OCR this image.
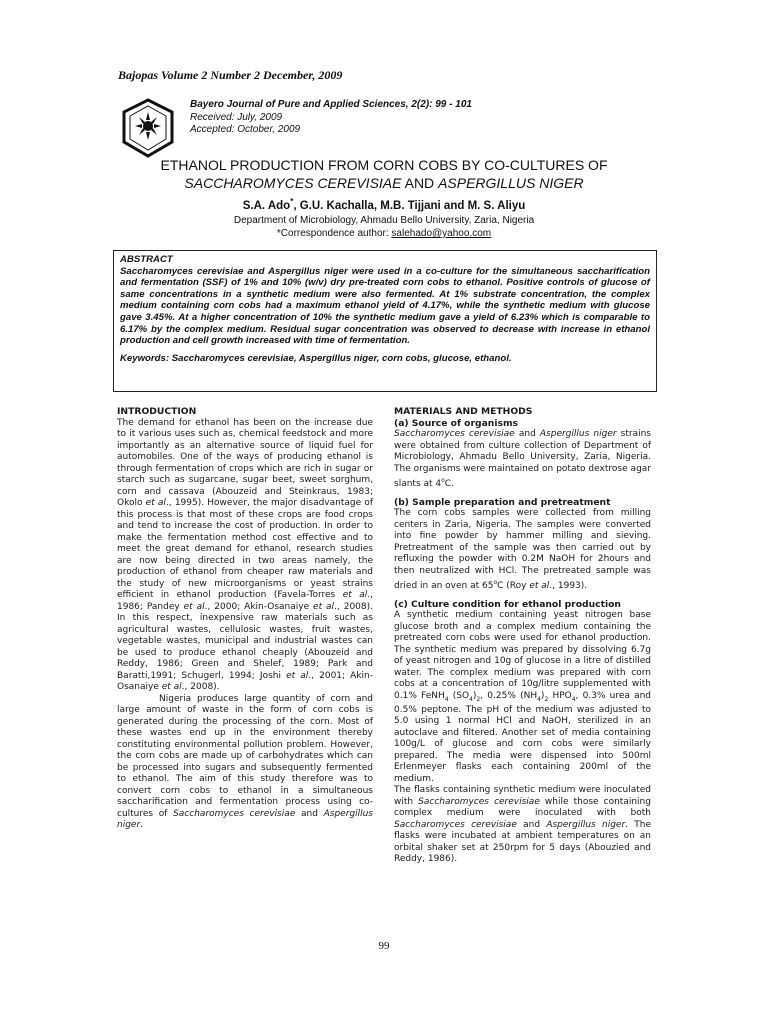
Bajopas Volume 2 Number 2 December, 2009
Bayero Journal of Pure and Applied Sciences, 2(2): 99 - 101
Received: July, 2009
Accepted: October, 2009
ETHANOL PRODUCTION FROM CORN COBS BY CO-CULTURES OF
SACCHAROMYCES CEREVISIAE AND ASPERGILLUS NIGER
S.A. Ado*, G.U. Kachalla, M.B. Tijjani and M. S. Aliyu
Department of Microbiology, Ahmadu Bello University, Zaria, Nigeria
*Correspondence author: salehado@yahoo.com

ABSTRACT

Saccharomyces cerevisiae and Aspergillus niger were used in a co-culture for the simultaneous saccharification and fermentation (SSF) of 1% and 10% (w/v) dry pre-treated corn cobs to ethanol. Positive controls of glucose of same concentrations in a synthetic medium were also fermented. At 1% substrate concentration, the complex medium containing corn cobs had a maximum ethanol yield of 4.17%, while the synthetic medium with glucose gave 3.45%. At a higher concentration of 10% the synthetic medium gave a yield of 6.23% which is comparable to 6.17% by the complex medium. Residual sugar concentration was observed to decrease with increase in ethanol production and cell growth increased with time of fermentation.

Keywords: Saccharomyces cerevisiae, Aspergillus niger, corn cobs, glucose, ethanol.

INTRODUCTION

The demand for ethanol has been on the increase due to it various uses such as, chemical feedstock and more importantly as an alternative source of liquid fuel for automobiles. One of the ways of producing ethanol is through fermentation of crops which are rich in sugar or starch such as sugarcane, sugar beet, sweet sorghum, corn and cassava (Abouzeid and Steinkraus, 1983; Okolo et al., 1995). However, the major disadvantage of this process is that most of these crops are food crops and tend to increase the cost of production. In order to make the fermentation method cost effective and to meet the great demand for ethanol, research studies are now being directed in two areas namely, the production of ethanol from cheaper raw materials and the study of new microorganisms or yeast strains efficient in ethanol production (Favela-Torres et al., 1986; Pandey et al., 2000; Akin-Osanaiye et al., 2008). In this respect, inexpensive raw materials such as agricultural wastes, cellulosic wastes, fruit wastes, vegetable wastes, municipal and industrial wastes can be used to produce ethanol cheaply (Abouzeid and Reddy, 1986; Green and Shelef, 1989; Park and Baratti,1991; Schugerl, 1994; Joshi et al., 2001; Akin-Osanaiye et al., 2008).

Nigeria produces large quantity of corn and large amount of waste in the form of corn cobs is generated during the processing of the corn. Most of these wastes end up in the environment thereby constituting environmental pollution problem. However, the corn cobs are made up of carbohydrates which can be processed into sugars and subsequently fermented to ethanol. The aim of this study therefore was to convert corn cobs to ethanol in a simultaneous saccharification and fermentation process using co-cultures of Saccharomyces cerevisiae and Aspergillus niger.

MATERIALS AND METHODS
(a) Source of organisms

Saccharomyces cerevisiae and Aspergillus niger strains were obtained from culture collection of Department of Microbiology, Ahmadu Bello University, Zaria, Nigeria. The organisms were maintained on potato dextrose agar slants at 4$^o$C.

(b) Sample preparation and pretreatment

The corn cobs samples were collected from milling centers in Zaria, Nigeria. The samples were converted into fine powder by hammer milling and sieving. Pretreatment of the sample was then carried out by refluxing the powder with 0.2M NaOH for 2hours and then neutralized with HCl. The pretreated sample was dried in an oven at 65$^o$C (Roy et al., 1993).

(c) Culture condition for ethanol production

A synthetic medium containing yeast nitrogen base glucose broth and a complex medium containing the pretreated corn cobs were used for ethanol production. The synthetic medium was prepared by dissolving 6.7g of yeast nitrogen and 10g of glucose in a litre of distilled water. The complex medium was prepared with corn cobs at a concentration of 10g/litre supplemented with 0.1% FeNH$_4$ $(SO_4)_2$, 0.25% $(NH_4)_2$ $HPO_4$, 0.3% urea and 0.5% peptone. The pH of the medium was adjusted to 5.0 using 1 normal HCl and NaOH, sterilized in an autoclave and filtered. Another set of media containing 100g/L of glucose and corn cobs were similarly prepared. The media were dispensed into 500ml Erlenmeyer flasks each containing 200ml of the medium.

The flasks containing synthetic medium were inoculated with Saccharomyces cerevisiae while those containing complex medium were inoculated with both Saccharomyces cerevisiae and Aspergillus niger. The flasks were incubated at ambient temperatures on an orbital shaker set at 250rpm for 5 days (Abouzied and Reddy, 1986).

99
